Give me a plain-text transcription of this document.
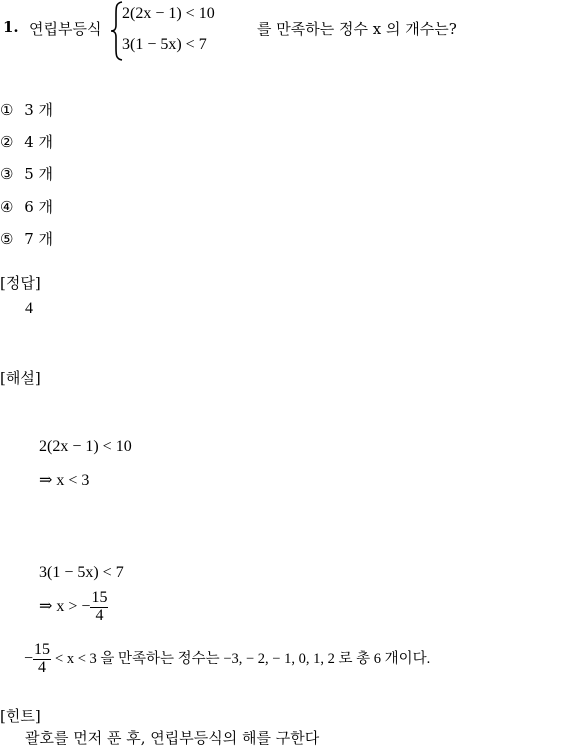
1. 연립부등식
2(2x − 1) < 10
3(1 − 5x) < 7
를 만족하는 정수 x 의 개수는?
① 3 개
② 4 개
③ 5 개
④ 6 개
⑤ 7 개
[정답]
4
[해설]
2(2x − 1) < 10
⇒ x < 3
3(1 − 5x) < 7
⇒ x > − $\frac{15}{4}$
− $\frac{15}{4} < x < 3$ 을 만족하는 정수는 −3, − 2, − 1, 0, 1, 2 로 총 6 개이다.
[힌트]
괄호를 먼저 푼 후, 연립부등식의 해를 구한다
